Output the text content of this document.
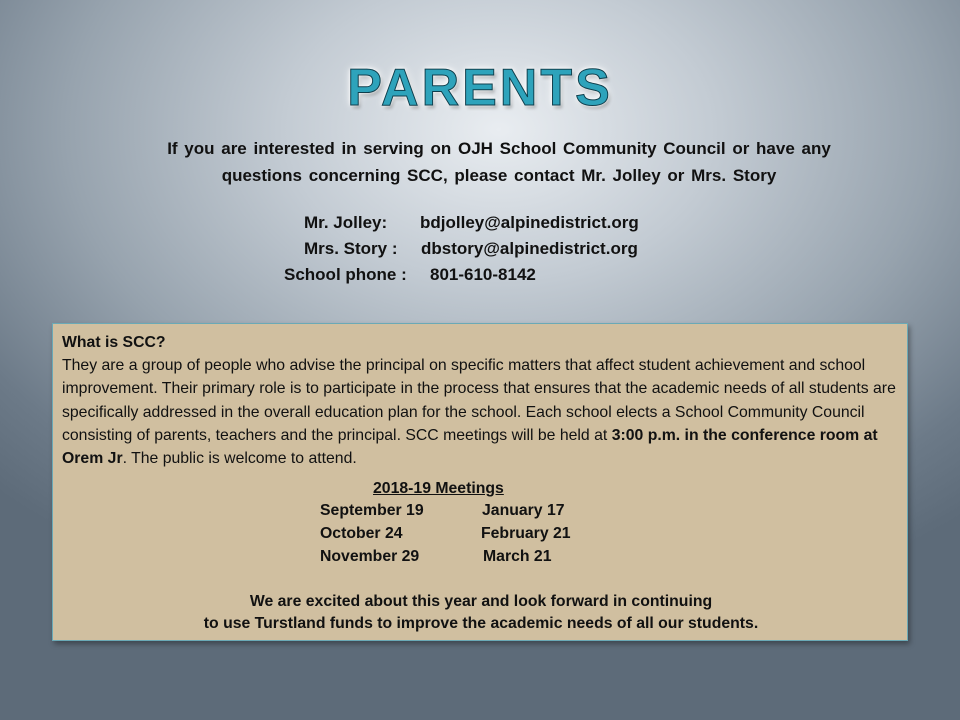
PARENTS
If you are interested in serving on OJH School Community Council or have any
questions concerning SCC, please contact Mr. Jolley or Mrs. Story
Mr. Jolley: bdjolley@alpinedistrict.org
Mrs. Story : dbstory@alpinedistrict.org
School phone : 801-610-8142
What is SCC?
They are a group of people who advise the principal on specific matters that affect student achievement and school improvement. Their primary role is to participate in the process that ensures that the academic needs of all students are specifically addressed in the overall education plan for the school. Each school elects a School Community Council consisting of parents, teachers and the principal. SCC meetings will be held at 3:00 p.m. in the conference room at Orem Jr. The public is welcome to attend.
2018-19 Meetings
September 19	January 17
October 24	February 21
November 29	March 21
We are excited about this year and look forward in continuing
to use Turstland funds to improve the academic needs of all our students.
